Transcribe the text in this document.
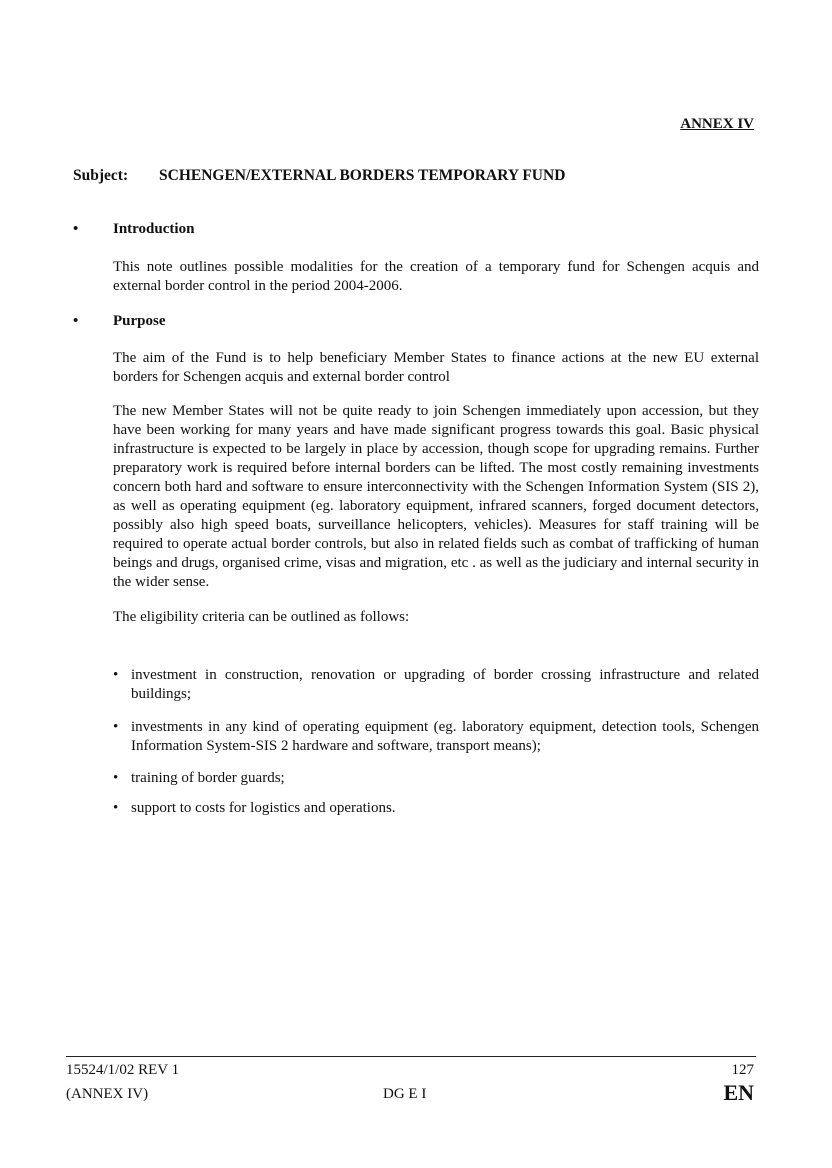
ANNEX IV
Subject: SCHENGEN/EXTERNAL BORDERS TEMPORARY FUND
• Introduction

This note outlines possible modalities for the creation of a temporary fund for Schengen acquis and external border control in the period 2004-2006.

• Purpose

The aim of the Fund is to help beneficiary Member States to finance actions at the new EU external borders for Schengen acquis and external border control

The new Member States will not be quite ready to join Schengen immediately upon accession, but they have been working for many years and have made significant progress towards this goal. Basic physical infrastructure is expected to be largely in place by accession, though scope for upgrading remains. Further preparatory work is required before internal borders can be lifted. The most costly remaining investments concern both hard and software to ensure interconnectivity with the Schengen Information System (SIS 2), as well as operating equipment (eg. laboratory equipment, infrared scanners, forged document detectors, possibly also high speed boats, surveillance helicopters, vehicles). Measures for staff training will be required to operate actual border controls, but also in related fields such as combat of trafficking of human beings and drugs, organised crime, visas and migration, etc . as well as the judiciary and internal security in the wider sense.

The eligibility criteria can be outlined as follows:

• investment in construction, renovation or upgrading of border crossing infrastructure and related buildings;
• investments in any kind of operating equipment (eg. laboratory equipment, detection tools, Schengen Information System-SIS 2 hardware and software, transport means);
• training of border guards;
• support to costs for logistics and operations.
15524/1/02 REV 1
(ANNEX IV)	DG E I
127
EN
